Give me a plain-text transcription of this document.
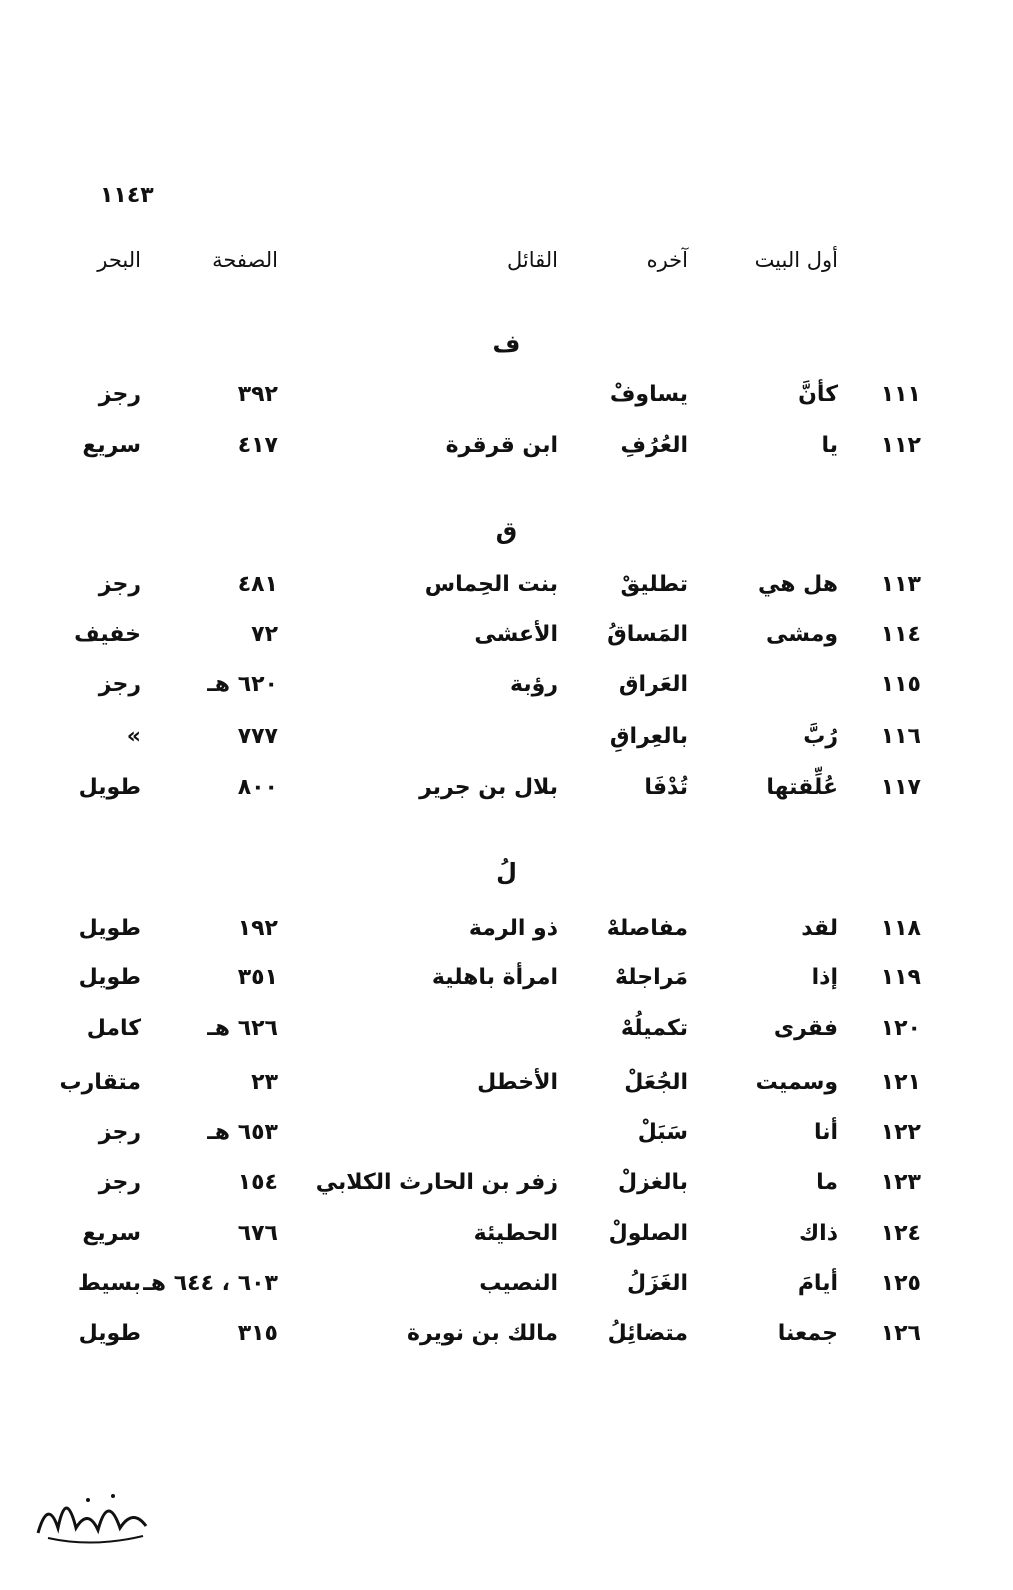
١١٤٣
أول البيت
آخره
القائل
الصفحة
البحر
ف
١١١
كأنَّ
يساوفْ
٣٩٢
رجز
١١٢
يا
العُرُفِ
ابن قرقرة
٤١٧
سريع
ق
١١٣
هل هي
تطليقْ
بنت الحِماس
٤٨١
رجز
١١٤
ومشى
المَساقُ
الأعشى
٧٢
خفيف
١١٥
العَراق
رؤبة
٦٢٠ هـ
رجز
١١٦
رُبَّ
بالعِراقِ
٧٧٧
»
١١٧
عُلِّقتها
تُدْفَا
بلال بن جرير
٨٠٠
طويل
لُ
١١٨
لقد
مفاصلهْ
ذو الرمة
١٩٢
طويل
١١٩
إذا
مَراجلهْ
امرأة باهلية
٣٥١
طويل
١٢٠
فقرى
تكميلُهْ
٦٢٦ هـ
كامل
١٢١
وسميت
الجُعَلْ
الأخطل
٢٣
متقارب
١٢٢
أنا
سَبَلْ
٦٥٣ هـ
رجز
١٢٣
ما
بالغزلْ
زفر بن الحارث الكلابي
١٥٤
رجز
١٢٤
ذاك
الصلولْ
الحطيئة
٦٧٦
سريع
١٢٥
أيامَ
الغَزَلُ
النصيب
٦٠٣ ، ٦٤٤ هـ
بسيط
١٢٦
جمعنا
متضائِلُ
مالك بن نويرة
٣١٥
طويل
